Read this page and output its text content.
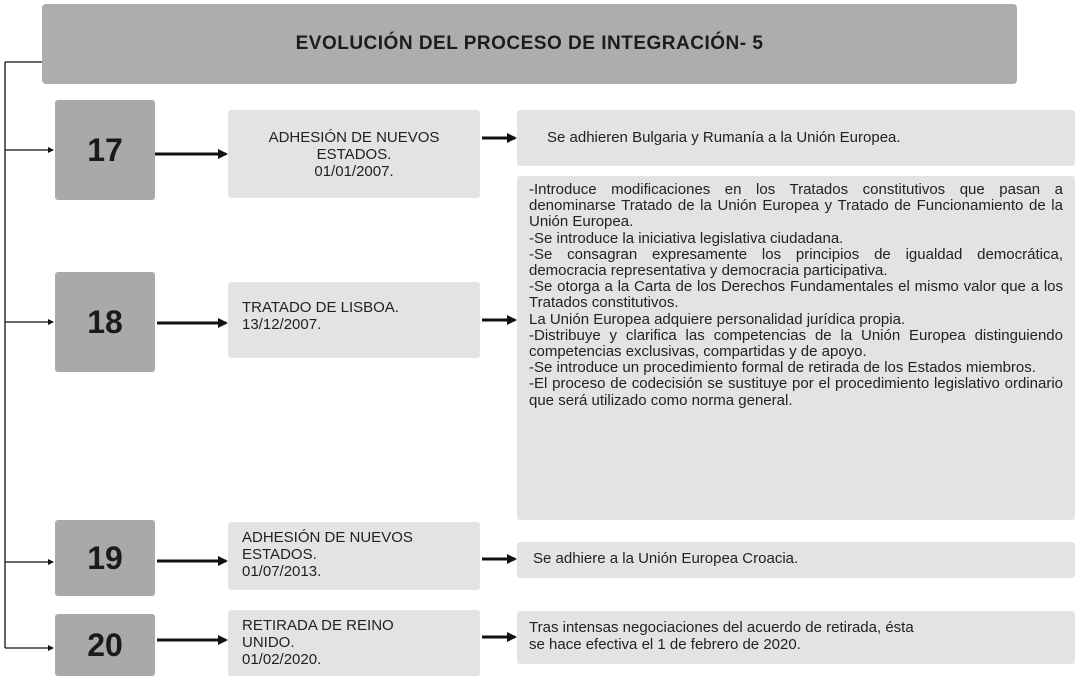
EVOLUCIÓN DEL PROCESO DE INTEGRACIÓN- 5
17	ADHESIÓN DE NUEVOS
ESTADOS.
01/01/2007.
Se adhieren Bulgaria y Rumanía a la Unión Europea.
18	TRATADO DE LISBOA.
13/12/2007.
-Introduce modificaciones en los Tratados constitutivos que pasan a denominarse Tratado de la Unión Europea y Tratado de Funcionamiento de la Unión Europea.
-Se introduce la iniciativa legislativa ciudadana.
-Se consagran expresamente los principios de igualdad democrática, democracia representativa y democracia participativa.
-Se otorga a la Carta de los Derechos Fundamentales el mismo valor que a los Tratados constitutivos.
La Unión Europea adquiere personalidad jurídica propia.
-Distribuye y clarifica las competencias de la Unión Europea distinguiendo competencias exclusivas, compartidas y de apoyo.
-Se introduce un procedimiento formal de retirada de los Estados miembros.
-El proceso de codecisión se sustituye por el procedimiento legislativo ordinario que será utilizado como norma general.
19
ADHESIÓN DE NUEVOS
ESTADOS.
01/07/2013.
Se adhiere a la Unión Europea Croacia.
20
RETIRADA DE REINO
UNIDO.
01/02/2020.
Tras intensas negociaciones del acuerdo de retirada, ésta
se hace efectiva el 1 de febrero de 2020.
